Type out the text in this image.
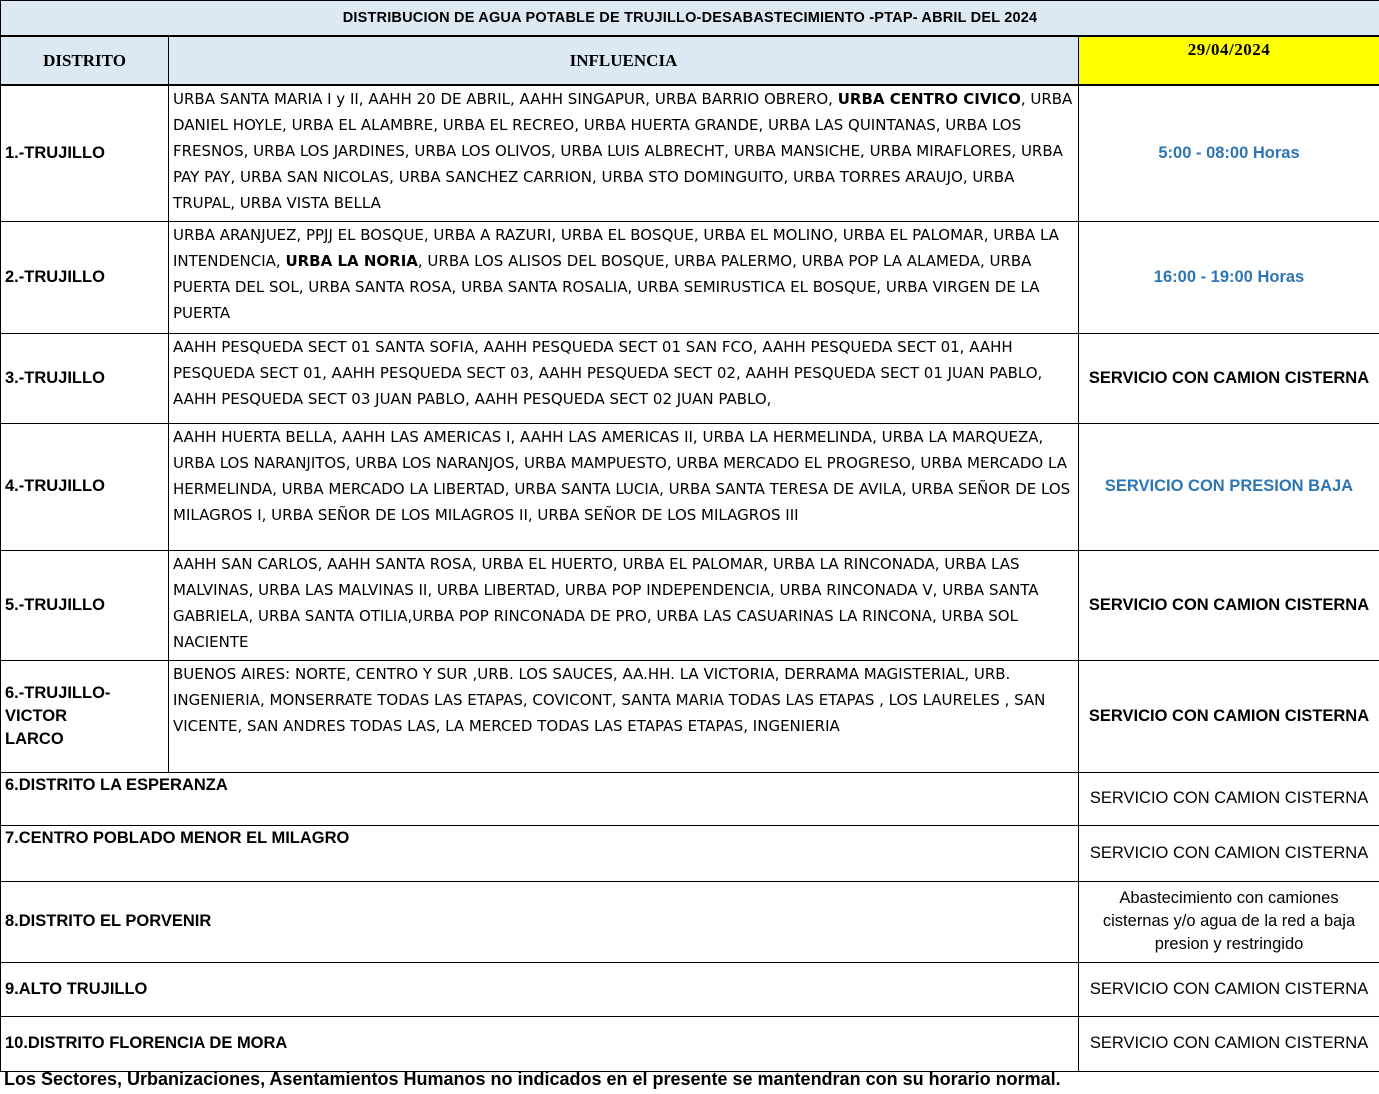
DISTRIBUCION DE AGUA POTABLE DE TRUJILLO-DESABASTECIMIENTO -PTAP- ABRIL DEL 2024		
DISTRITO	INFLUENCIA	29/04/2024
1.-TRUJILLO	URBA SANTA MARIA I y II, AAHH 20 DE ABRIL, AAHH SINGAPUR, URBA BARRIO OBRERO, URBA CENTRO CIVICO, URBA DANIEL HOYLE, URBA EL ALAMBRE, URBA EL RECREO, URBA HUERTA GRANDE, URBA LAS QUINTANAS, URBA LOS FRESNOS, URBA LOS JARDINES, URBA LOS OLIVOS, URBA LUIS ALBRECHT, URBA MANSICHE, URBA MIRAFLORES, URBA PAY PAY, URBA SAN NICOLAS, URBA SANCHEZ CARRION, URBA STO DOMINGUITO, URBA TORRES ARAUJO, URBA TRUPAL, URBA VISTA BELLA	5:00 - 08:00 Horas
2.-TRUJILLO	URBA ARANJUEZ, PPJJ EL BOSQUE, URBA A RAZURI, URBA EL BOSQUE, URBA EL MOLINO, URBA EL PALOMAR, URBA LA INTENDENCIA, URBA LA NORIA, URBA LOS ALISOS DEL BOSQUE, URBA PALERMO, URBA POP LA ALAMEDA, URBA PUERTA DEL SOL, URBA SANTA ROSA, URBA SANTA ROSALIA, URBA SEMIRUSTICA EL BOSQUE, URBA VIRGEN DE LA PUERTA	16:00 - 19:00 Horas
3.-TRUJILLO	AAHH PESQUEDA SECT 01 SANTA SOFIA, AAHH PESQUEDA SECT 01 SAN FCO, AAHH PESQUEDA SECT 01, AAHH PESQUEDA SECT 01, AAHH PESQUEDA SECT 03, AAHH PESQUEDA SECT 02, AAHH PESQUEDA SECT 01 JUAN PABLO, AAHH PESQUEDA SECT 03 JUAN PABLO, AAHH PESQUEDA SECT 02 JUAN PABLO,	SERVICIO CON CAMION CISTERNA
4.-TRUJILLO	AAHH HUERTA BELLA, AAHH LAS AMERICAS I, AAHH LAS AMERICAS II, URBA LA HERMELINDA, URBA LA MARQUEZA, URBA LOS NARANJITOS, URBA LOS NARANJOS, URBA MAMPUESTO, URBA MERCADO EL PROGRESO, URBA MERCADO LA HERMELINDA, URBA MERCADO LA LIBERTAD, URBA SANTA LUCIA, URBA SANTA TERESA DE AVILA, URBA SEÑOR DE LOS MILAGROS I, URBA SEÑOR DE LOS MILAGROS II, URBA SEÑOR DE LOS MILAGROS III	SERVICIO CON PRESION BAJA
5.-TRUJILLO	AAHH SAN CARLOS, AAHH SANTA ROSA, URBA EL HUERTO, URBA EL PALOMAR, URBA LA RINCONADA, URBA LAS MALVINAS, URBA LAS MALVINAS II, URBA LIBERTAD, URBA POP INDEPENDENCIA, URBA RINCONADA V, URBA SANTA GABRIELA, URBA SANTA OTILIA,URBA POP RINCONADA DE PRO, URBA LAS CASUARINAS LA RINCONA, URBA SOL NACIENTE	SERVICIO CON CAMION CISTERNA
6.-TRUJILLO-VICTOR LARCO	BUENOS AIRES: NORTE, CENTRO Y SUR ,URB. LOS SAUCES, AA.HH. LA VICTORIA, DERRAMA MAGISTERIAL, URB. INGENIERIA, MONSERRATE TODAS LAS ETAPAS, COVICONT, SANTA MARIA TODAS LAS ETAPAS , LOS LAURELES , SAN VICENTE, SAN ANDRES TODAS LAS, LA MERCED TODAS LAS ETAPAS ETAPAS, INGENIERIA	SERVICIO CON CAMION CISTERNA
6.DISTRITO LA ESPERANZA		SERVICIO CON CAMION CISTERNA
7.CENTRO POBLADO MENOR EL MILAGRO		SERVICIO CON CAMION CISTERNA
8.DISTRITO EL PORVENIR		Abastecimiento con camiones cisternas y/o agua de la red a baja presion y restringido
9.ALTO TRUJILLO		SERVICIO CON CAMION CISTERNA
10.DISTRITO FLORENCIA DE MORA		SERVICIO CON CAMION CISTERNA
Los Sectores, Urbanizaciones, Asentamientos Humanos no indicados en el presente se mantendran con su horario normal.
